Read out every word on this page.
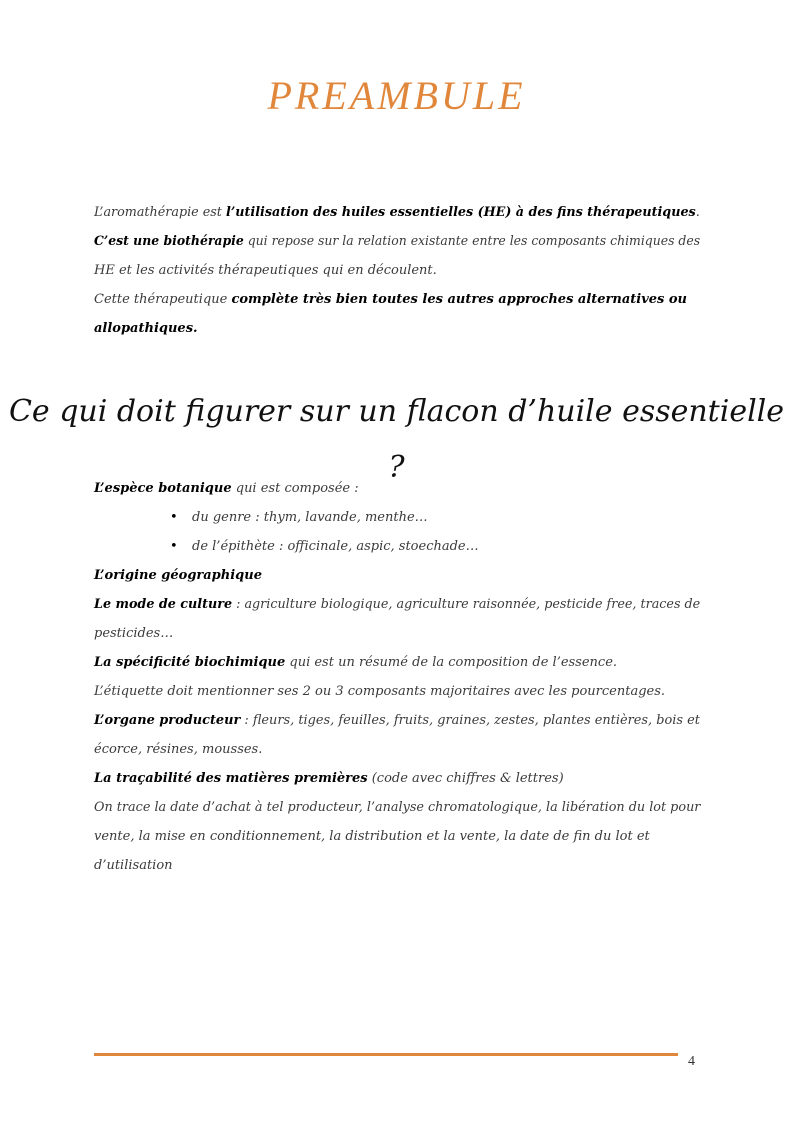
PREAMBULE
L’aromathérapie est l’utilisation des huiles essentielles (HE) à des fins thérapeutiques.
C’est une biothérapie qui repose sur la relation existante entre les composants chimiques des
HE et les activités thérapeutiques qui en découlent.
Cette thérapeutique complète très bien toutes les autres approches alternatives ou
allopathiques.
Ce qui doit figurer sur un flacon d’huile essentielle ?
L’espèce botanique qui est composée :
• du genre : thym, lavande, menthe…
• de l’épithète : officinale, aspic, stoechade…
L’origine géographique
Le mode de culture : agriculture biologique, agriculture raisonnée, pesticide free, traces de
pesticides…
La spécificité biochimique qui est un résumé de la composition de l’essence.
L’étiquette doit mentionner ses 2 ou 3 composants majoritaires avec les pourcentages.
L’organe producteur : fleurs, tiges, feuilles, fruits, graines, zestes, plantes entières, bois et
écorce, résines, mousses.
La traçabilité des matières premières (code avec chiffres & lettres)
On trace la date d’achat à tel producteur, l’analyse chromatologique, la libération du lot pour
vente, la mise en conditionnement, la distribution et la vente, la date de fin du lot et
d’utilisation
4
